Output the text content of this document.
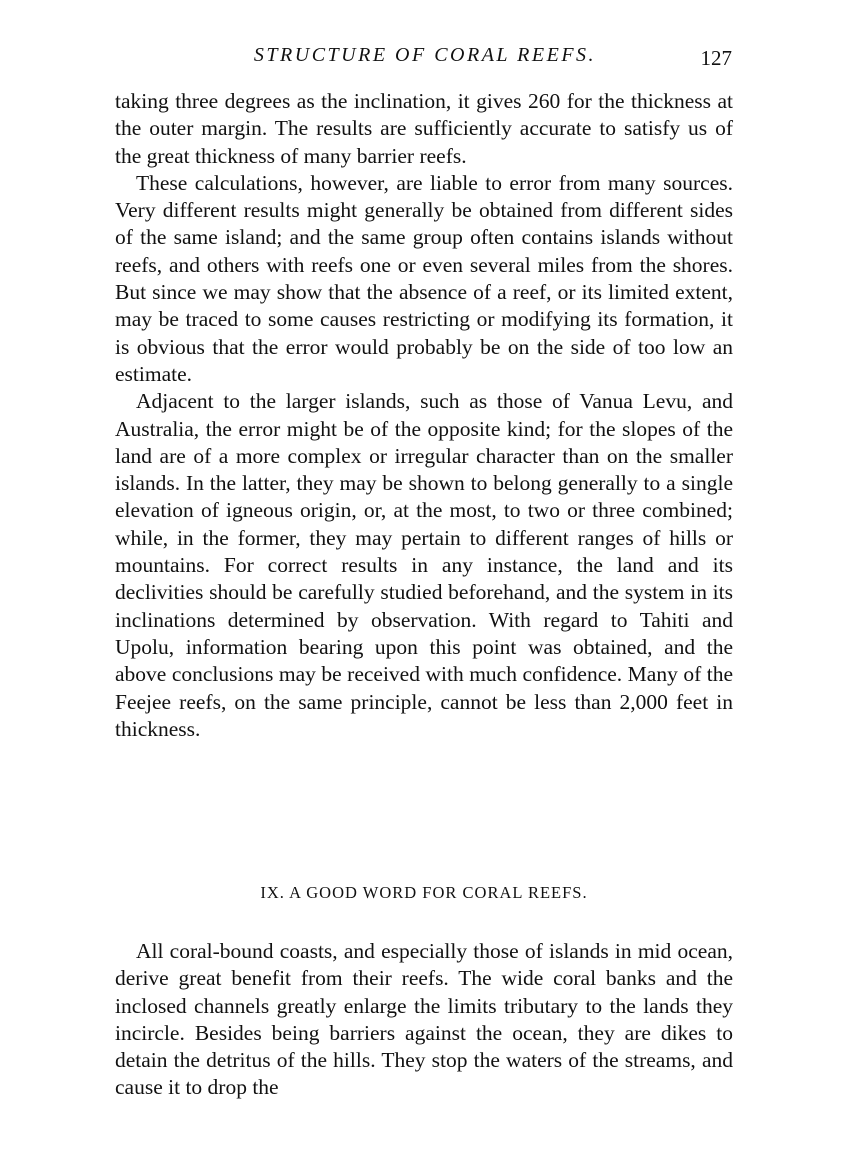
STRUCTURE OF CORAL REEFS.	127

taking three degrees as the inclination, it gives 260 for the thickness at the outer margin. The results are sufficiently accurate to satisfy us of the great thickness of many barrier reefs.

These calculations, however, are liable to error from many sources. Very different results might generally be obtained from different sides of the same island; and the same group often contains islands without reefs, and others with reefs one or even several miles from the shores. But since we may show that the absence of a reef, or its limited extent, may be traced to some causes restricting or modifying its formation, it is obvious that the error would probably be on the side of too low an estimate.

Adjacent to the larger islands, such as those of Vanua Levu, and Australia, the error might be of the opposite kind; for the slopes of the land are of a more complex or irregular character than on the smaller islands. In the latter, they may be shown to belong generally to a single elevation of igneous origin, or, at the most, to two or three combined; while, in the former, they may pertain to different ranges of hills or mountains. For correct results in any instance, the land and its declivities should be carefully studied beforehand, and the system in its inclinations determined by observation. With regard to Tahiti and Upolu, information bearing upon this point was obtained, and the above conclusions may be received with much confidence. Many of the Feejee reefs, on the same principle, cannot be less than 2,000 feet in thickness.

IX. A GOOD WORD FOR CORAL REEFS.

All coral-bound coasts, and especially those of islands in mid ocean, derive great benefit from their reefs. The wide coral banks and the inclosed channels greatly enlarge the limits tributary to the lands they incircle. Besides being barriers against the ocean, they are dikes to detain the detritus of the hills. They stop the waters of the streams, and cause it to drop the
